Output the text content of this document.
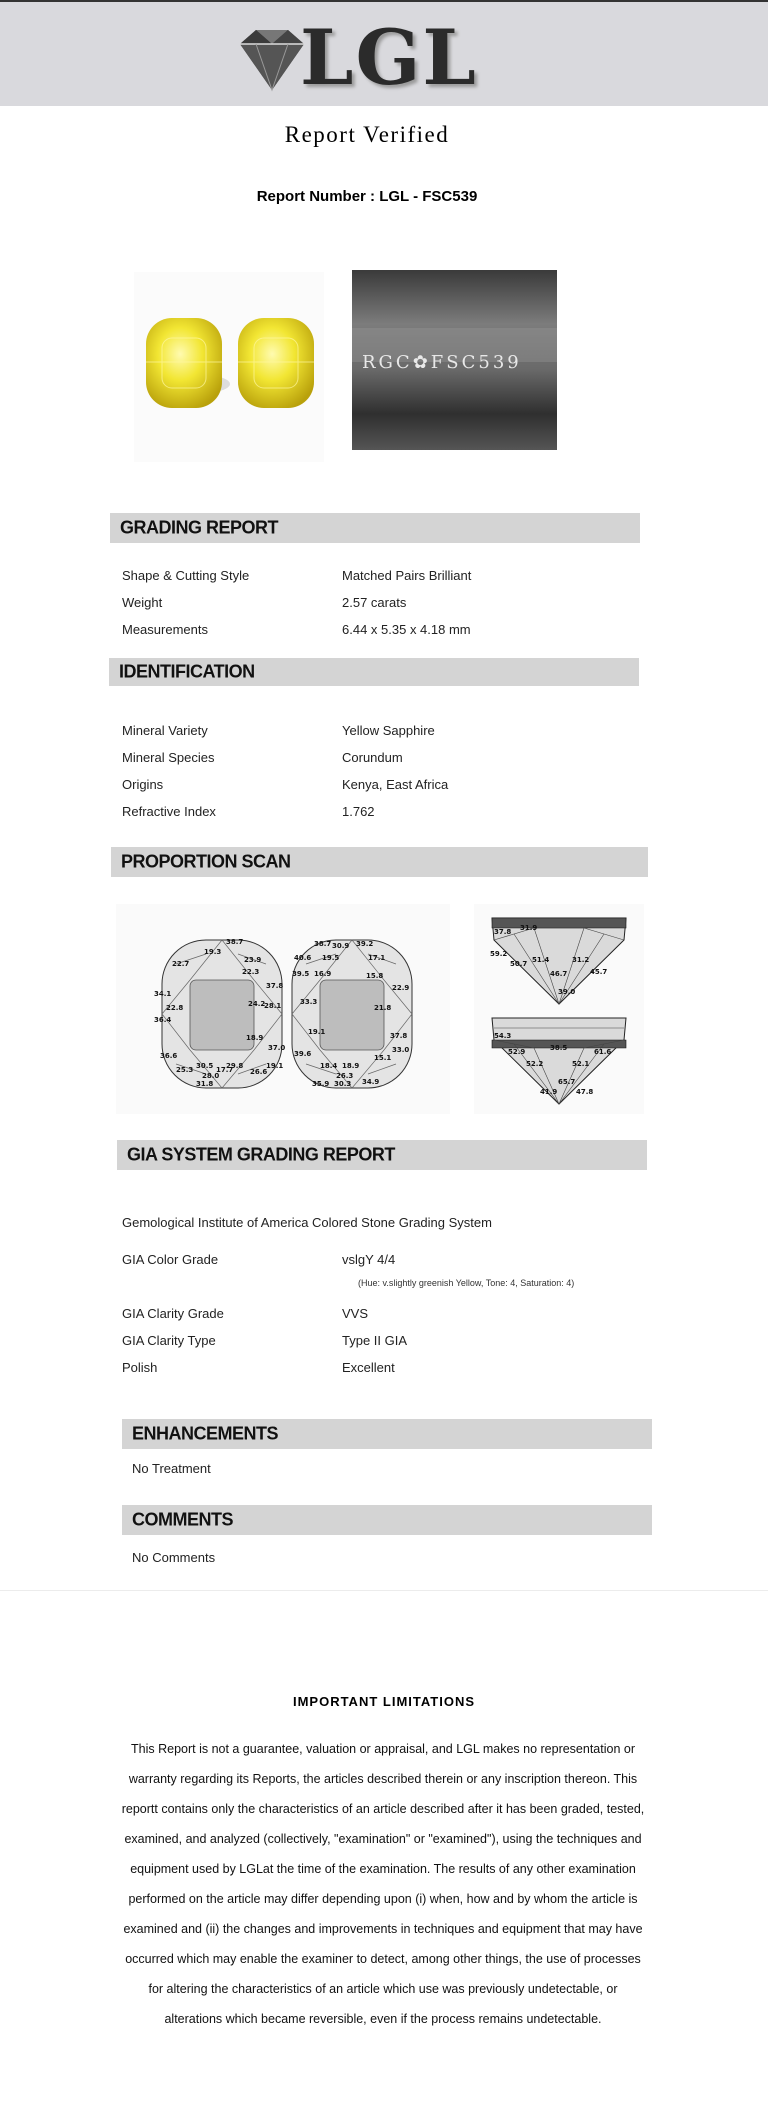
LGL
Report Verified
Report Number : LGL - FSC539
RGC✿FSC539
GRADING REPORT
Shape & Cutting Style	Matched Pairs Brilliant
Weight	2.57 carats
Measurements	6.44 x 5.35 x 4.18 mm
IDENTIFICATION
Mineral Variety	Yellow Sapphire
Mineral Species	Corundum
Origins	Kenya, East Africa
Refractive Index	1.762
PROPORTION SCAN
38.7
19.3
22.7	23.9
22.3
34.1
37.8
22.8
36.4
24.2
28.1
18.9
37.0
36.6
25.3 30.5 17.7
29.8
28.0
31.8
26.6
19.1
38.7 30.9 39.2
40.6 19.5	17.1
39.5 16.9	15.8
22.9
33.3
21.8
19.1	37.8
15.1
33.0
39.6
18.4 18.9
26.3
35.9 30.3 34.9
37.8 31.9
59.2
50.7 51.4	31.2
45.7
46.7
39.0
54.3
52.9	38.5
52.2	52.1
65.7
41.9	47.8
61.6
GIA SYSTEM GRADING REPORT
Gemological Institute of America Colored Stone Grading System
GIA Color Grade	vslgY 4/4
(Hue: v.slightly greenish Yellow, Tone: 4, Saturation: 4)
GIA Clarity Grade	VVS
GIA Clarity Type	Type II GIA
Polish	Excellent
ENHANCEMENTS
No Treatment
COMMENTS
No Comments
IMPORTANT LIMITATIONS
This Report is not a guarantee, valuation or appraisal, and LGL makes no representation or warranty regarding its Reports, the articles described therein or any inscription thereon. This reportt contains only the characteristics of an article described after it has been graded, tested, examined, and analyzed (collectively, "examination" or "examined"), using the techniques and equipment used by LGLat the time of the examination. The results of any other examination performed on the article may differ depending upon (i) when, how and by whom the article is examined and (ii) the changes and improvements in techniques and equipment that may have occurred which may enable the examiner to detect, among other things, the use of processes for altering the characteristics of an article which use was previously undetectable, or alterations which became reversible, even if the process remains undetectable.
